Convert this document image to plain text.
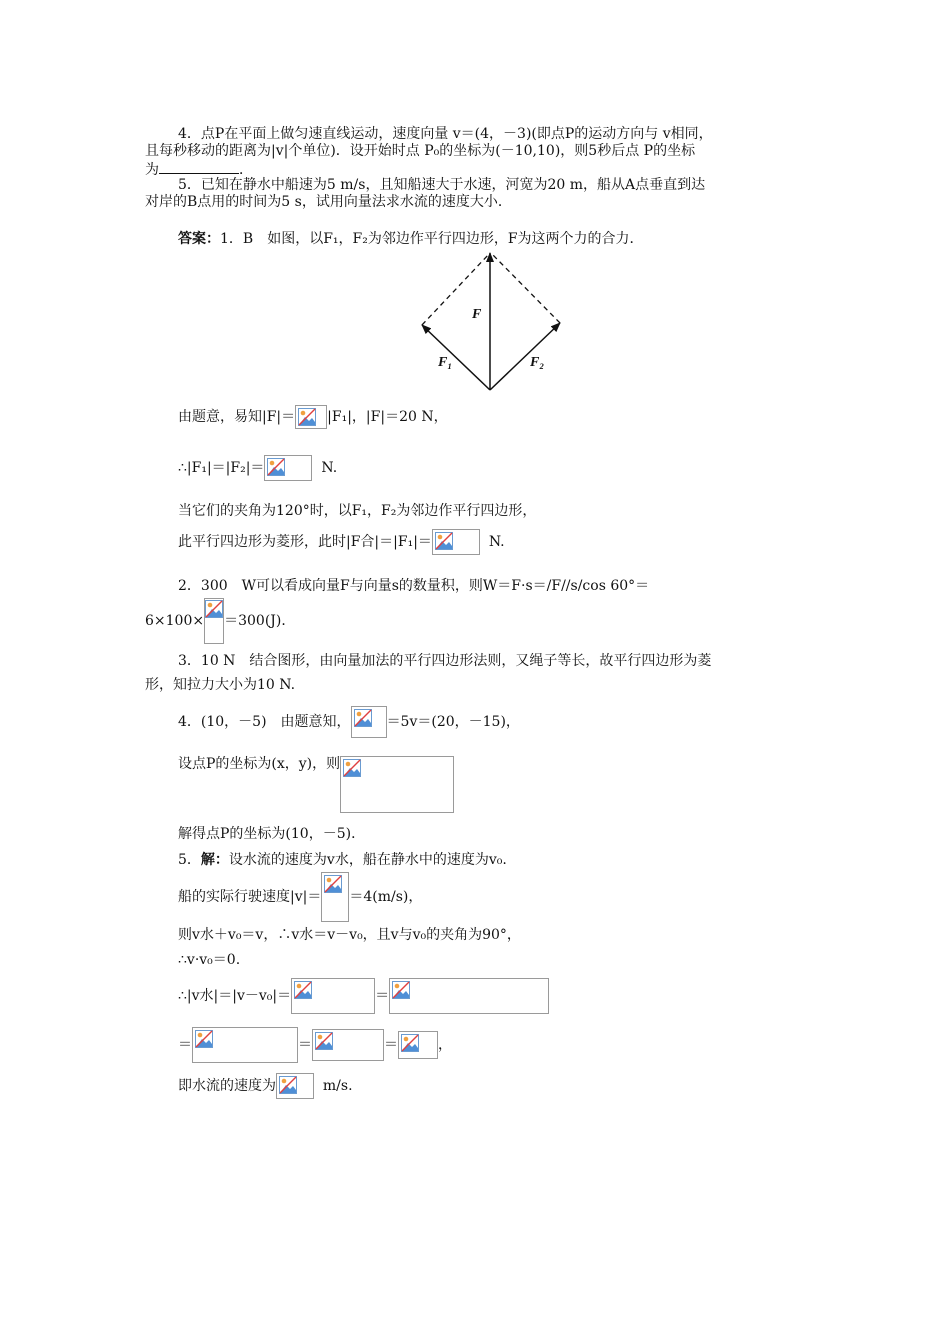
4．点P在平面上做匀速直线运动，速度向量 v＝(4，－3)(即点P的运动方向与 v相同，
且每秒移动的距离为|v|个单位)．设开始时点 P₀的坐标为(－10,10)，则5秒后点 P的坐标
为	．
5．已知在静水中船速为5 m/s，且知船速大于水速，河宽为20 m，船从A点垂直到达
对岸的B点用的时间为5 s，试用向量法求水流的速度大小．
答案：1．B　如图，以F₁，F₂为邻边作平行四边形，F为这两个力的合力．
F
F₁	F₂
由题意，易知|F|＝ |F₁|，|F|＝20 N，
∴|F₁|＝|F₂|＝	N.
当它们的夹角为120°时，以F₁，F₂为邻边作平行四边形，
此平行四边形为菱形，此时|F合|＝|F₁|＝	N.
2．300　W可以看成向量F与向量s的数量积，则W＝F·s＝/F//s/cos 60°＝
6×100× ＝300(J)．
3．10 N　结合图形，由向量加法的平行四边形法则，又绳子等长，故平行四边形为菱
形，知拉力大小为10 N.
4．(10，－5)　由题意知，	＝5v＝(20，－15)，
设点P的坐标为(x，y)，则
解得点P的坐标为(10，－5)．
5．解：设水流的速度为v水，船在静水中的速度为v₀.
船的实际行驶速度|v|＝ ＝4(m/s)，
则v水＋v₀＝v，∴v水＝v－v₀，且v与v₀的夹角为90°，
∴v·v₀＝0.
∴|v水|＝|v－v₀|＝	＝
＝	＝	＝	，
即水流的速度为	m/s.
